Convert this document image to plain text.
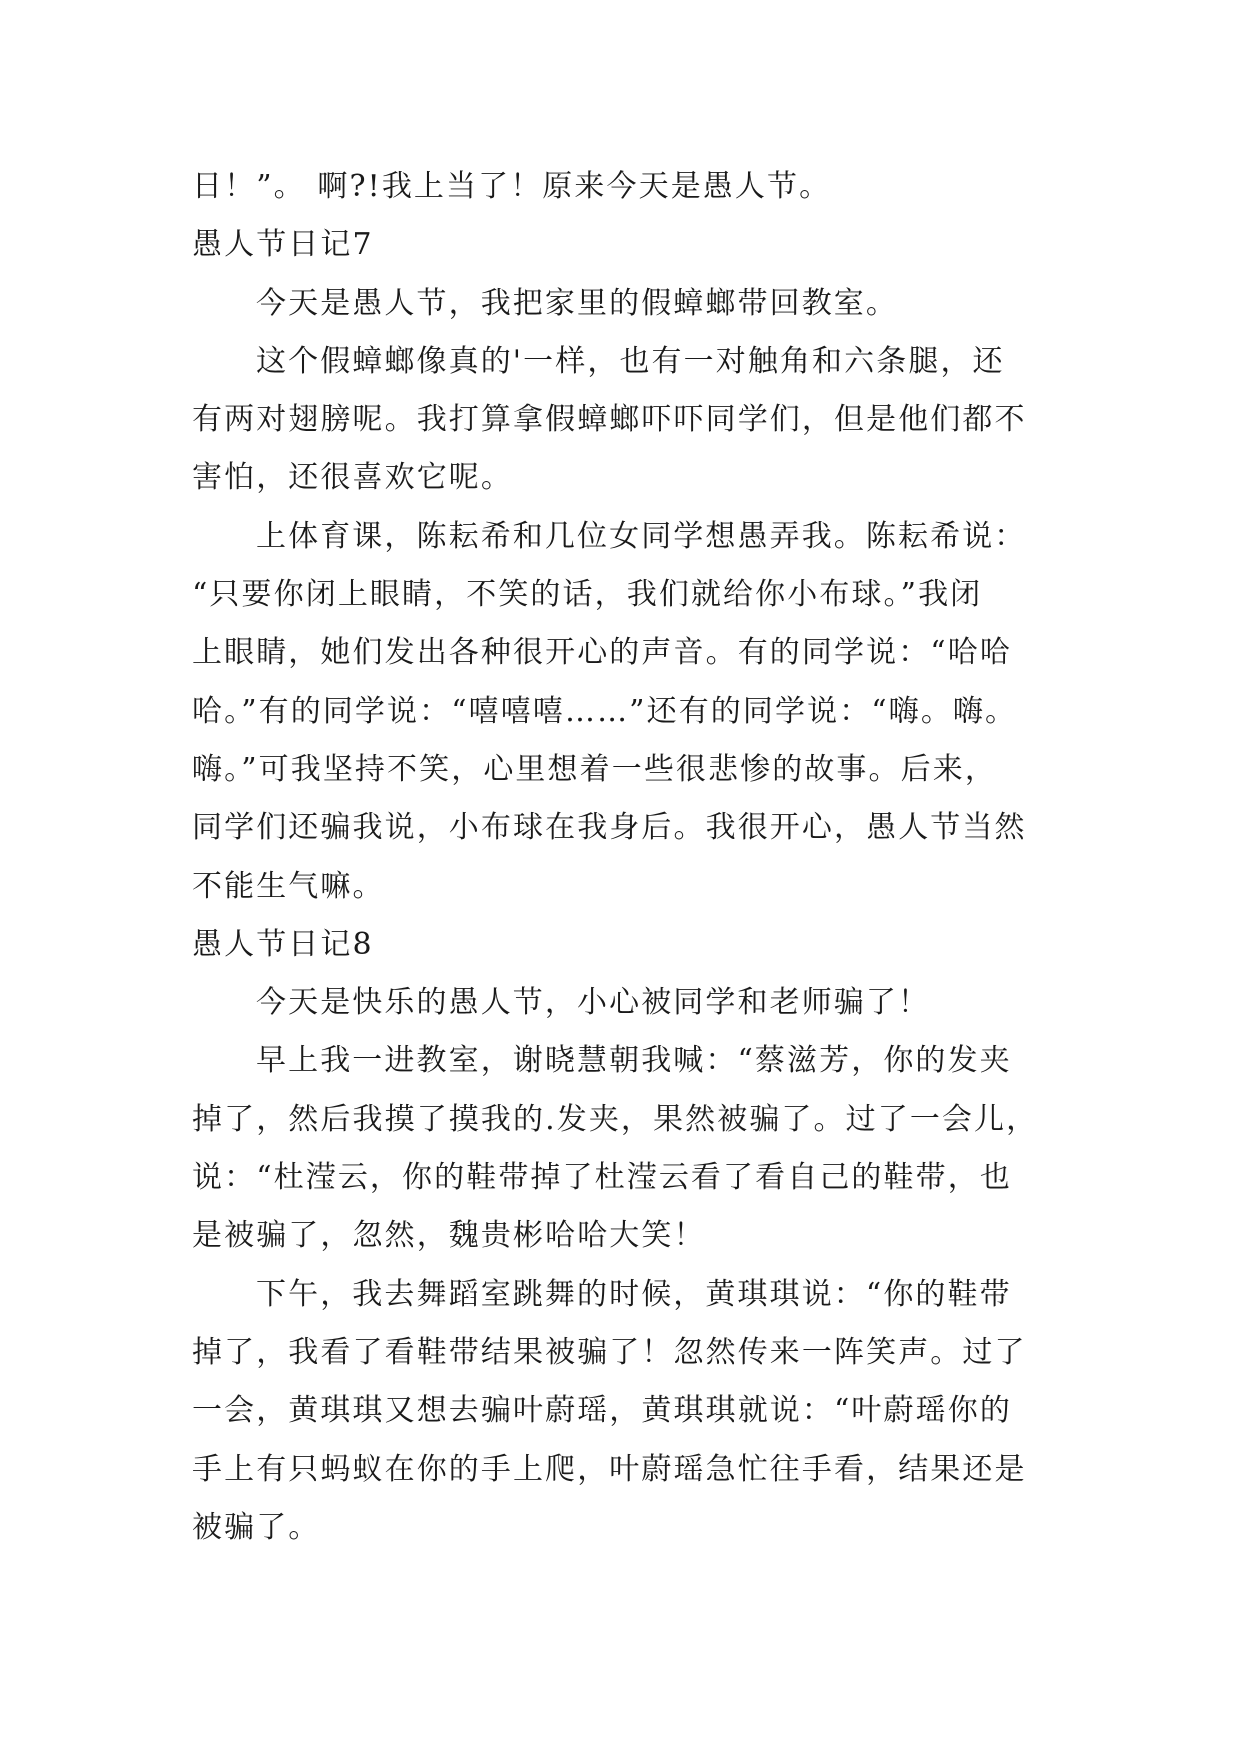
日！”。 啊?!我上当了！原来今天是愚人节。
愚人节日记7
今天是愚人节，我把家里的假蟑螂带回教室。
这个假蟑螂像真的'一样，也有一对触角和六条腿，还
有两对翅膀呢。我打算拿假蟑螂吓吓同学们，但是他们都不
害怕，还很喜欢它呢。
上体育课，陈耘希和几位女同学想愚弄我。陈耘希说：
“只要你闭上眼睛，不笑的话，我们就给你小布球。”我闭
上眼睛，她们发出各种很开心的声音。有的同学说：“哈哈
哈。”有的同学说：“嘻嘻嘻……”还有的同学说：“嗨。嗨。
嗨。”可我坚持不笑，心里想着一些很悲惨的故事。后来，
同学们还骗我说，小布球在我身后。我很开心，愚人节当然
不能生气嘛。
愚人节日记8
今天是快乐的愚人节，小心被同学和老师骗了！
早上我一进教室，谢晓慧朝我喊：“蔡滋芳，你的发夹
掉了，然后我摸了摸我的.发夹，果然被骗了。过了一会儿，
说：“杜滢云，你的鞋带掉了杜滢云看了看自己的鞋带，也
是被骗了，忽然，魏贵彬哈哈大笑！
下午，我去舞蹈室跳舞的时候，黄琪琪说：“你的鞋带
掉了，我看了看鞋带结果被骗了！忽然传来一阵笑声。过了
一会，黄琪琪又想去骗叶蔚瑶，黄琪琪就说：“叶蔚瑶你的
手上有只蚂蚁在你的手上爬，叶蔚瑶急忙往手看，结果还是
被骗了。
